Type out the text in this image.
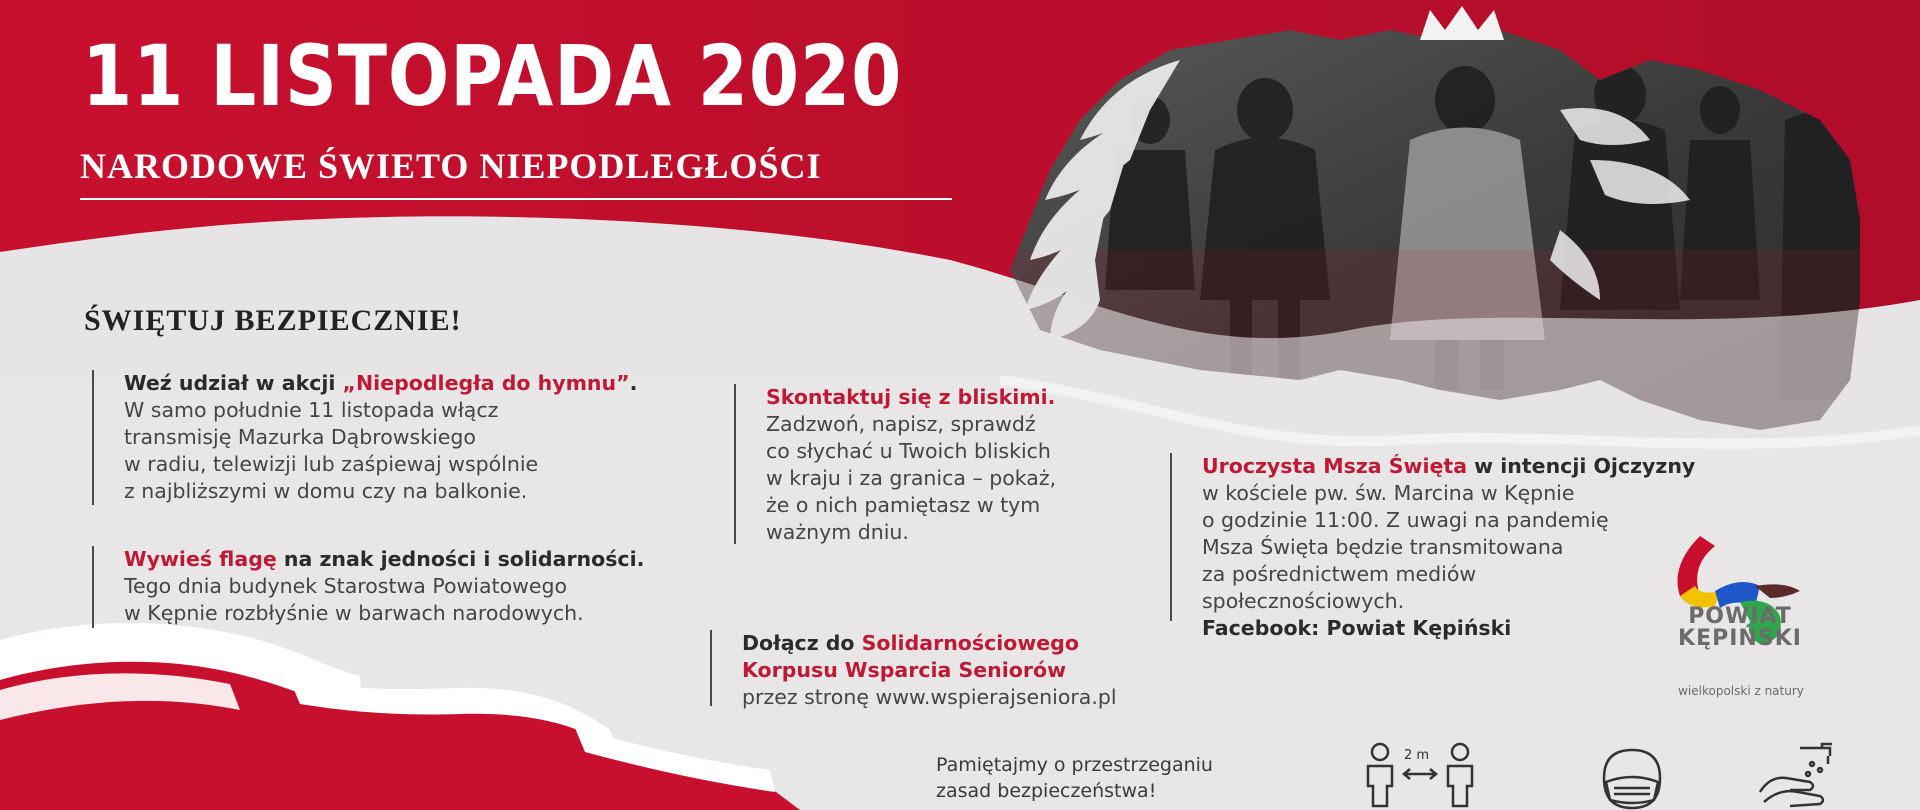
11 LISTOPADA 2020
NARODOWE ŚWIETO NIEPODLEGŁOŚCI
ŚWIĘTUJ BEZPIECZNIE!

Weź udział w akcji „Niepodległa do hymnu”.

W samo południe 11 listopada włącz

transmisję Mazurka Dąbrowskiego

w radiu, telewizji lub zaśpiewaj wspólnie

z najbliższymi w domu czy na balkonie.

Wywieś flagę na znak jedności i solidarności.

Tego dnia budynek Starostwa Powiatowego

w Kępnie rozbłyśnie w barwach narodowych.

Skontaktuj się z bliskimi.

Zadzwoń, napisz, sprawdź

co słychać u Twoich bliskich

w kraju i za granica – pokaż,

że o nich pamiętasz w tym

ważnym dniu.

Dołącz do Solidarnościowego

Korpusu Wsparcia Seniorów

przez stronę www.wspierajseniora.pl

Uroczysta Msza Święta w intencji Ojczyzny

w kościele pw. św. Marcina w Kępnie

o godzinie 11:00. Z uwagi na pandemię

Msza Święta będzie transmitowana

za pośrednictwem mediów

społecznościowych.

Facebook: Powiat Kępiński	POWIAT
KĘPIŃSKI

wielkopolski z natury

Pamiętajmy o przestrzeganiu
zasad bezpieczeństwa!

2 m
